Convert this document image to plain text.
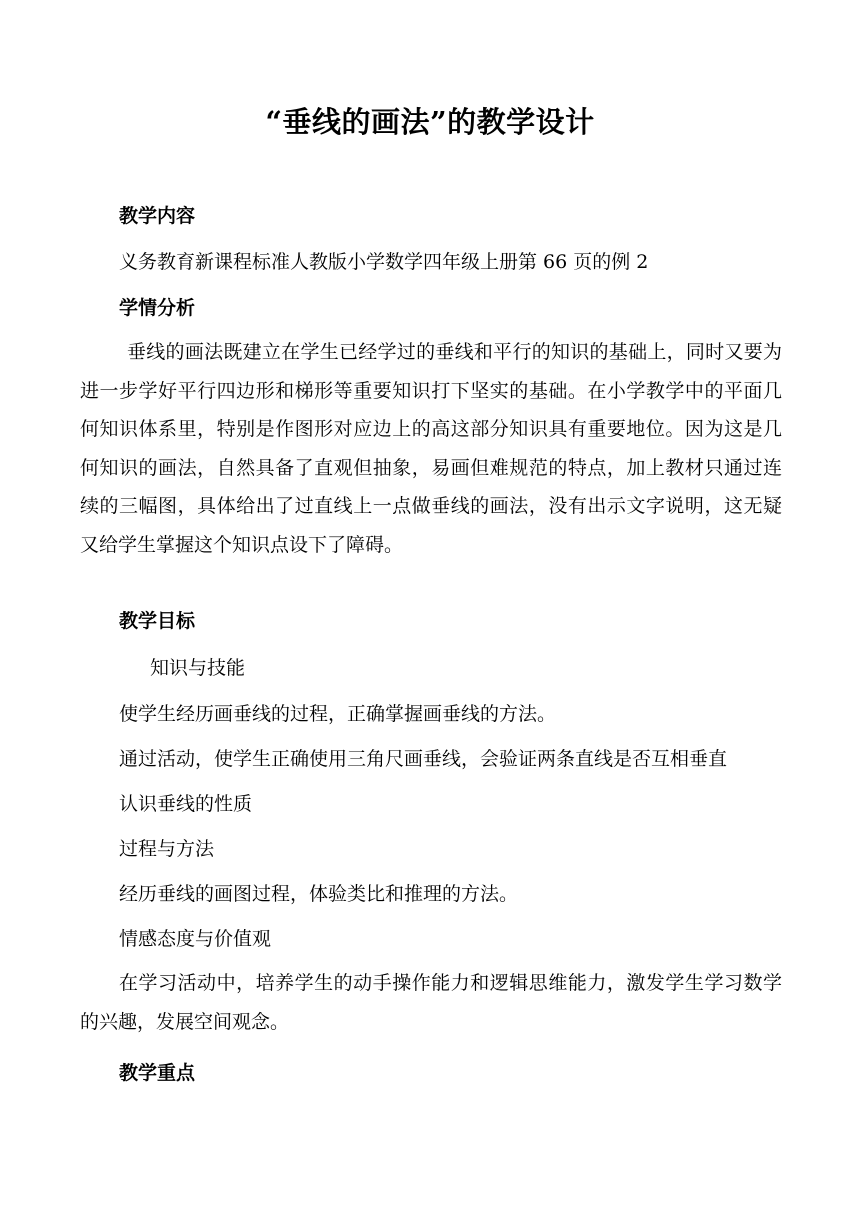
“垂线的画法”的教学设计
教学内容
义务教育新课程标准人教版小学数学四年级上册第 66 页的例 2
学情分析
垂线的画法既建立在学生已经学过的垂线和平行的知识的基础上，同时又要为进一步学好平行四边形和梯形等重要知识打下坚实的基础。在小学教学中的平面几何知识体系里，特别是作图形对应边上的高这部分知识具有重要地位。因为这是几何知识的画法，自然具备了直观但抽象，易画但难规范的特点，加上教材只通过连续的三幅图，具体给出了过直线上一点做垂线的画法，没有出示文字说明，这无疑又给学生掌握这个知识点设下了障碍。
教学目标
知识与技能
使学生经历画垂线的过程，正确掌握画垂线的方法。
通过活动，使学生正确使用三角尺画垂线，会验证两条直线是否互相垂直
认识垂线的性质
过程与方法
经历垂线的画图过程，体验类比和推理的方法。
情感态度与价值观
在学习活动中，培养学生的动手操作能力和逻辑思维能力，激发学生学习数学的兴趣，发展空间观念。
教学重点
